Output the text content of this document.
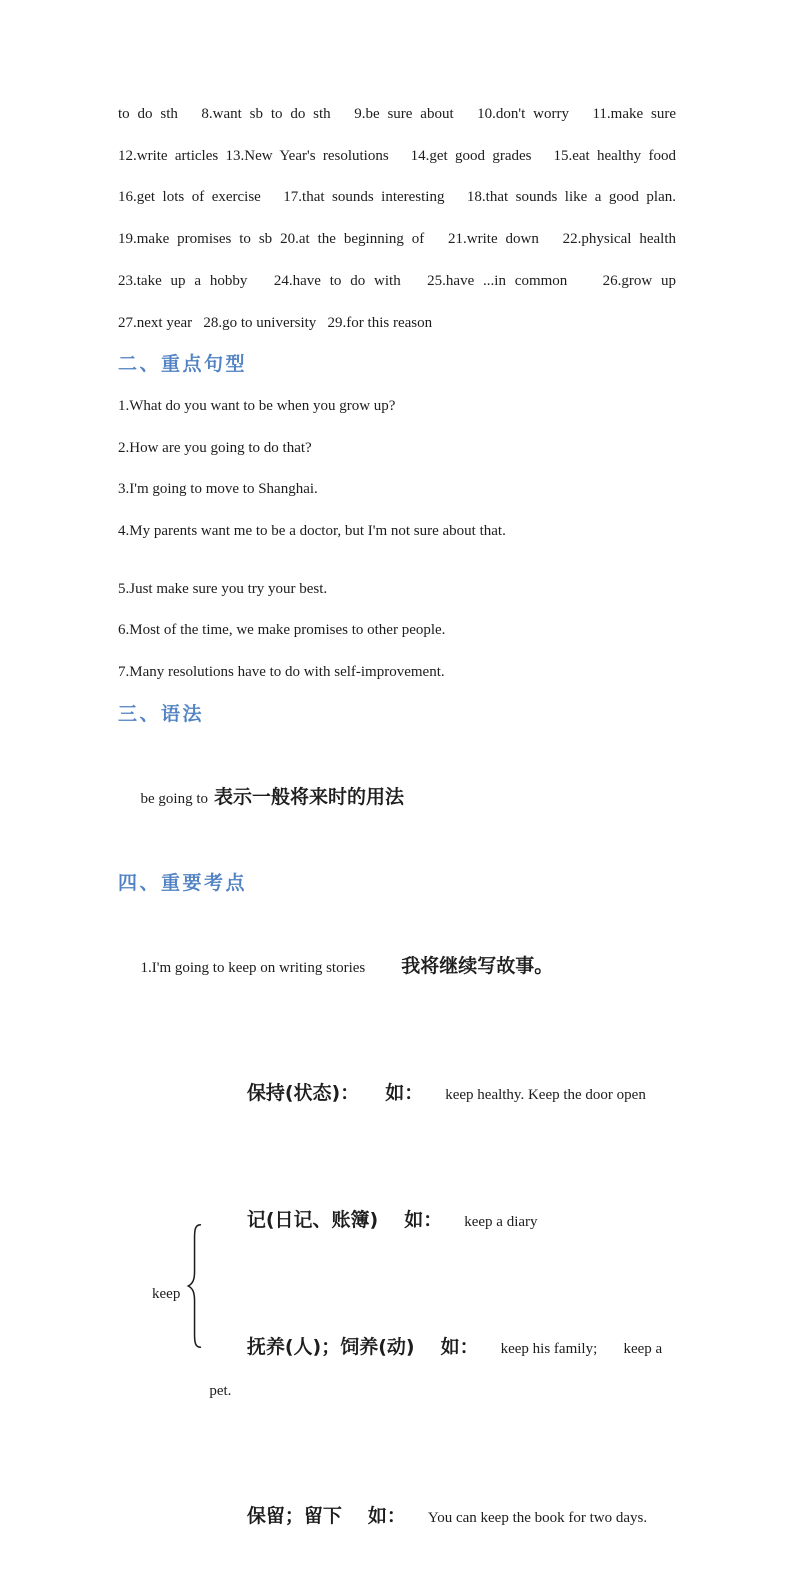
to do sth   8.want sb to do sth   9.be sure about   10.don't worry   11.make sure
12.write articles 13.New Year's resolutions   14.get good grades   15.eat healthy food
16.get lots of exercise   17.that sounds interesting   18.that sounds like a good plan.
19.make promises to sb 20.at the beginning of   21.write down   22.physical health
23.take up a hobby   24.have to do with   25.have ...in common    26.grow up
27.next year   28.go to university   29.for this reason
二、重点句型
1.What do you want to be when you grow up?
2.How are you going to do that?
3.I'm going to move to Shanghai.
4.My parents want me to be a doctor, but I'm not sure about that.
5.Just make sure you try your best.
6.Most of the time, we make promises to other people.
7.Many resolutions have to do with self-improvement.
三、语法

be going to 表示一般将来时的用法

四、重要考点

1.I'm going to keep on writing stories 我将继续写故事。

keep

保持(状态)： 如： keep healthy. Keep the door open

记(日记、账簿) 如： keep a diary

抚养(人)；饲养(动) 如： keep his family;       keep a pet.

保留；留下 如： You can keep the book for two days.
